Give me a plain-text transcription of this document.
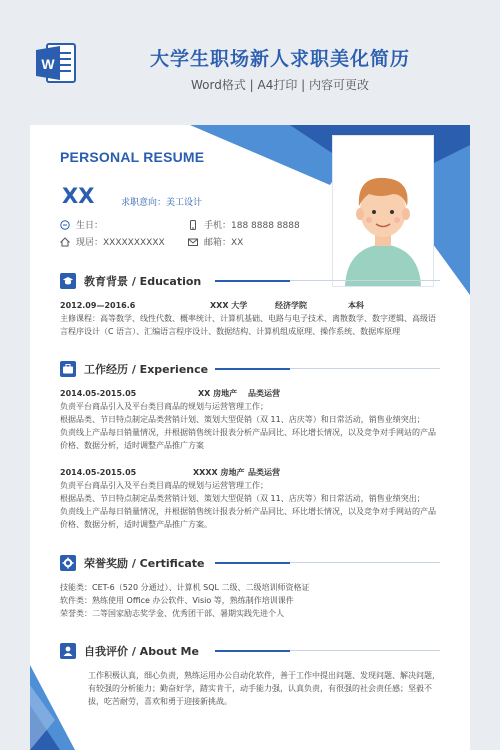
W	大学生职场新人求职美化简历
Word格式 | A4打印 | 内容可更改
PERSONAL RESUME
XX	求职意向：美工设计
生日：	手机：188 8888 8888
现居：XXXXXXXXXX	邮箱：XX
教育背景 / Education
2012.09—2016.6	XXX 大学	经济学院	本科
主修课程：高等数学、线性代数、概率统计、计算机基础、电路与电子技术、离散数学、数字逻辑、高级语言程序设计（C 语言）、汇编语言程序设计、数据结构、计算机组成原理、操作系统、数据库原理
工作经历 / Experience
2014.05-2015.05	XX 房地产	品类运营
负责平台商品引入及平台类目商品的规划与运营管理工作；
根据品类、节日特点制定品类营销计划、策划大型促销（双 11、店庆等）和日常活动，销售业绩突出；
负责线上产品每日销量情况，并根据销售统计报表分析产品同比、环比增长情况，以及竞争对手网站的产品价格、数据分析，适时调整产品推广方案
2014.05-2015.05	XXXX 房地产 品类运营
负责平台商品引入及平台类目商品的规划与运营管理工作；
根据品类、节日特点制定品类营销计划、策划大型促销（双 11、店庆等）和日常活动，销售业绩突出；
负责线上产品每日销量情况，并根据销售统计报表分析产品同比、环比增长情况，以及竞争对手网站的产品价格、数据分析，适时调整产品推广方案。
荣誉奖励 / Certificate
技能类：CET-6（520 分通过）、计算机 SQL 二级、二级培训师资格证
软件类：熟练使用 Office 办公软件、Visio 等，熟练制作培训课件
荣誉类：二等国家励志奖学金、优秀团干部、暑期实践先进个人
自我评价 / About Me
工作积极认真，细心负责，熟练运用办公自动化软件，善于工作中提出问题、发现问题、解决问题，有较强的分析能力；勤奋好学，踏实肯干，动手能力强，认真负责，有很强的社会责任感；坚毅不拔，吃苦耐劳，喜欢和勇于迎接新挑战。
